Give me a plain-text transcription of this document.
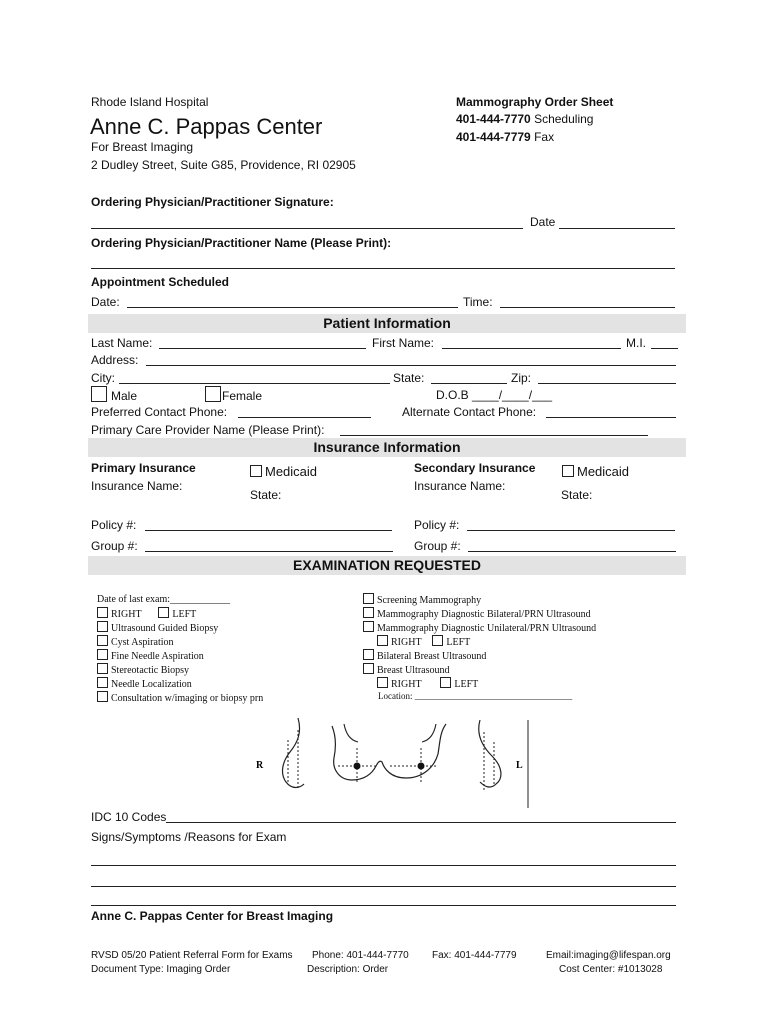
Rhode Island Hospital
Anne C. Pappas Center
For Breast Imaging
2 Dudley Street, Suite G85, Providence, RI 02905
Mammography Order Sheet
401-444-7770 Scheduling
401-444-7779 Fax
Ordering Physician/Practitioner Signature:
Date
Ordering Physician/Practitioner Name (Please Print):
Appointment Scheduled
Date:	Time:
Patient Information
Last Name:	First Name:	M.I.
Address:
City:	State:	Zip:
Male	Female	D.O.B ____/____/___
Preferred Contact Phone:	Alternate Contact Phone:
Primary Care Provider Name (Please Print):
Insurance Information
Primary Insurance
Insurance Name:
Medicaid
State:
Secondary Insurance
Insurance Name:
Medicaid
State:
Policy #:	Policy #:
Group #:	Group #:
EXAMINATION REQUESTED
Date of last exam:____________
RIGHT	LEFT
Ultrasound Guided Biopsy
Cyst Aspiration
Fine Needle Aspiration
Stereotactic Biopsy
Needle Localization
Consultation w/imaging or biopsy prn
Screening Mammography
Mammography Diagnostic Bilateral/PRN Ultrasound
Mammography Diagnostic Unilateral/PRN Ultrasound
RIGHT	LEFT
Bilateral Breast Ultrasound
Breast Ultrasound
RIGHT	LEFT
Location: ___________________________________
R	L
IDC 10 Codes
Signs/Symptoms /Reasons for Exam
Anne C. Pappas Center for Breast Imaging
RVSD 05/20 Patient Referral Form for Exams
Document Type: Imaging Order
Phone: 401-444-7770
Description: Order
Fax: 401-444-7779	Email:imaging@lifespan.org
Cost Center: #1013028
